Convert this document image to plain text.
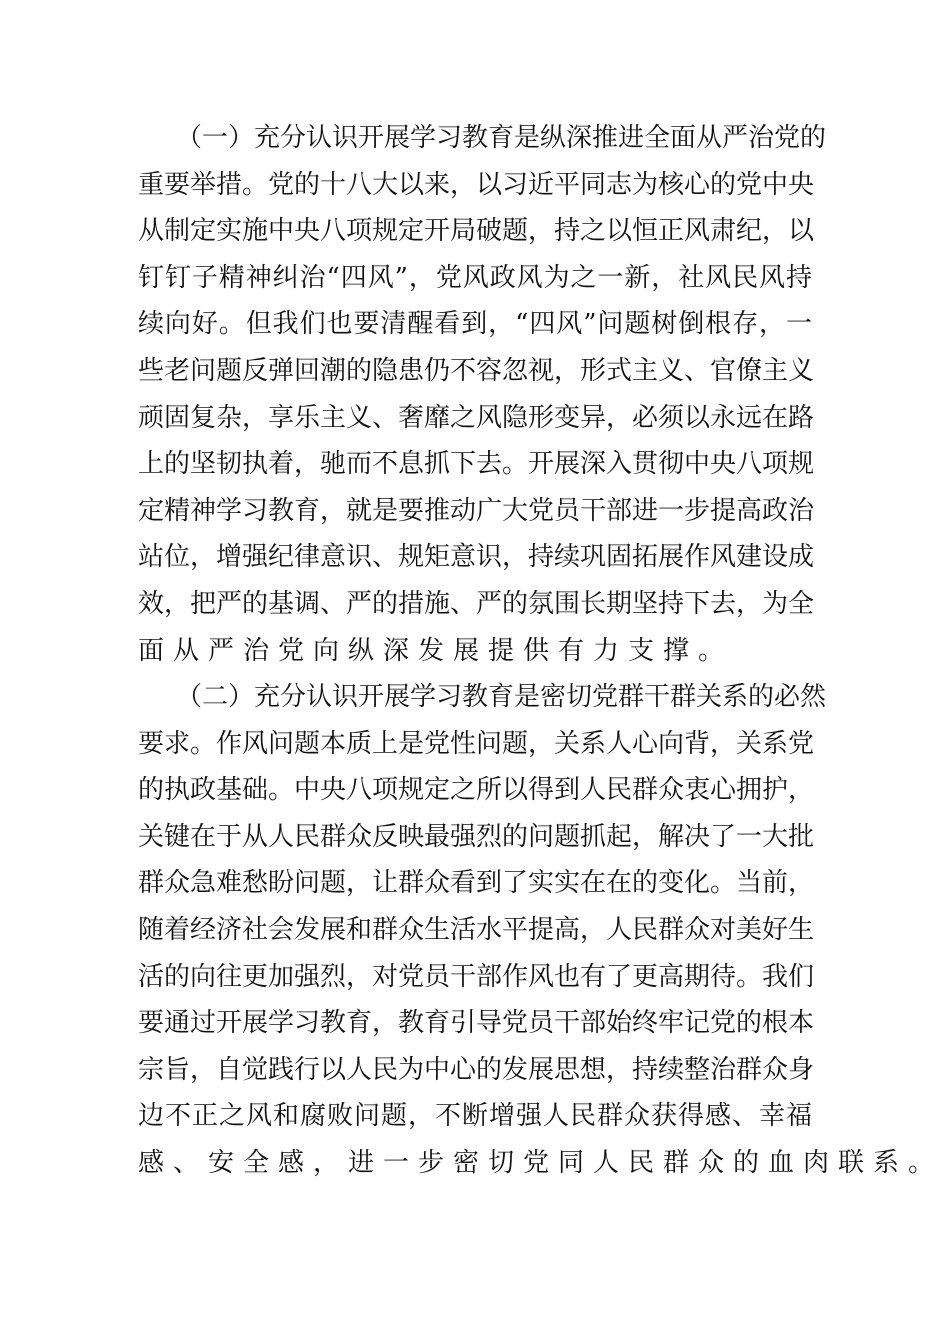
（一）充分认识开展学习教育是纵深推进全面从严治党的
重要举措。党的十八大以来，以习近平同志为核心的党中央
从制定实施中央八项规定开局破题，持之以恒正风肃纪，以
钉钉子精神纠治“四风”，党风政风为之一新，社风民风持
续向好。但我们也要清醒看到，“四风”问题树倒根存，一
些老问题反弹回潮的隐患仍不容忽视，形式主义、官僚主义
顽固复杂，享乐主义、奢靡之风隐形变异，必须以永远在路
上的坚韧执着，驰而不息抓下去。开展深入贯彻中央八项规
定精神学习教育，就是要推动广大党员干部进一步提高政治
站位，增强纪律意识、规矩意识，持续巩固拓展作风建设成
效，把严的基调、严的措施、严的氛围长期坚持下去，为全
面从严治党向纵深发展提供有力支撑。
（二）充分认识开展学习教育是密切党群干群关系的必然
要求。作风问题本质上是党性问题，关系人心向背，关系党
的执政基础。中央八项规定之所以得到人民群众衷心拥护，
关键在于从人民群众反映最强烈的问题抓起，解决了一大批
群众急难愁盼问题，让群众看到了实实在在的变化。当前，
随着经济社会发展和群众生活水平提高，人民群众对美好生
活的向往更加强烈，对党员干部作风也有了更高期待。我们
要通过开展学习教育，教育引导党员干部始终牢记党的根本
宗旨，自觉践行以人民为中心的发展思想，持续整治群众身
边不正之风和腐败问题，不断增强人民群众获得感、幸福
感、安全感，进一步密切党同人民群众的血肉联系。
